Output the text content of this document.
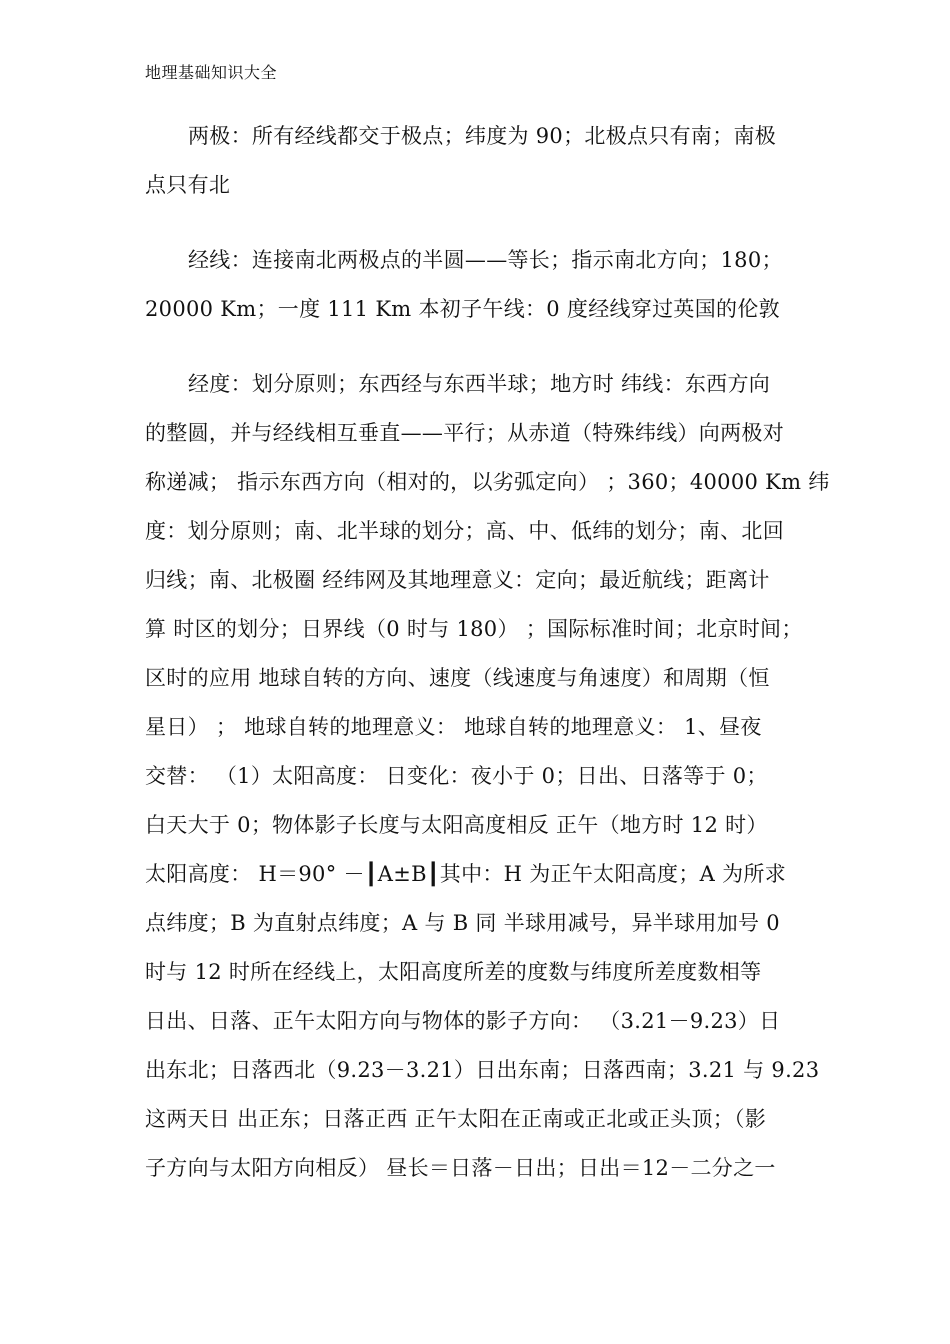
地理基础知识大全
两极：所有经线都交于极点；纬度为 90；北极点只有南；南极
点只有北
经线：连接南北两极点的半圆——等长；指示南北方向；180；
20000 Km；一度 111 Km 本初子午线：0 度经线穿过英国的伦敦
经度：划分原则；东西经与东西半球；地方时 纬线：东西方向
的整圆，并与经线相互垂直——平行；从赤道（特殊纬线）向两极对
称递减； 指示东西方向（相对的，以劣弧定向） ；360；40000 Km 纬
度：划分原则；南、北半球的划分；高、中、低纬的划分；南、北回
归线；南、北极圈 经纬网及其地理意义：定向；最近航线；距离计
算 时区的划分；日界线（0 时与 180） ；国际标准时间；北京时间；
区时的应用 地球自转的方向、速度（线速度与角速度）和周期（恒
星日） ； 地球自转的地理意义： 地球自转的地理意义： 1、昼夜
交替： （1）太阳高度： 日变化：夜小于 0；日出、日落等于 0；
白天大于 0；物体影子长度与太阳高度相反 正午（地方时 12 时）
太阳高度： H＝90° －┃A±B┃其中：H 为正午太阳高度；A 为所求
点纬度；B 为直射点纬度；A 与 B 同 半球用减号，异半球用加号 0
时与 12 时所在经线上，太阳高度所差的度数与纬度所差度数相等
日出、日落、正午太阳方向与物体的影子方向： （3.21－9.23）日
出东北；日落西北（9.23－3.21）日出东南；日落西南；3.21 与 9.23
这两天日 出正东；日落正西 正午太阳在正南或正北或正头顶；（影
子方向与太阳方向相反） 昼长＝日落－日出；日出＝12－二分之一
